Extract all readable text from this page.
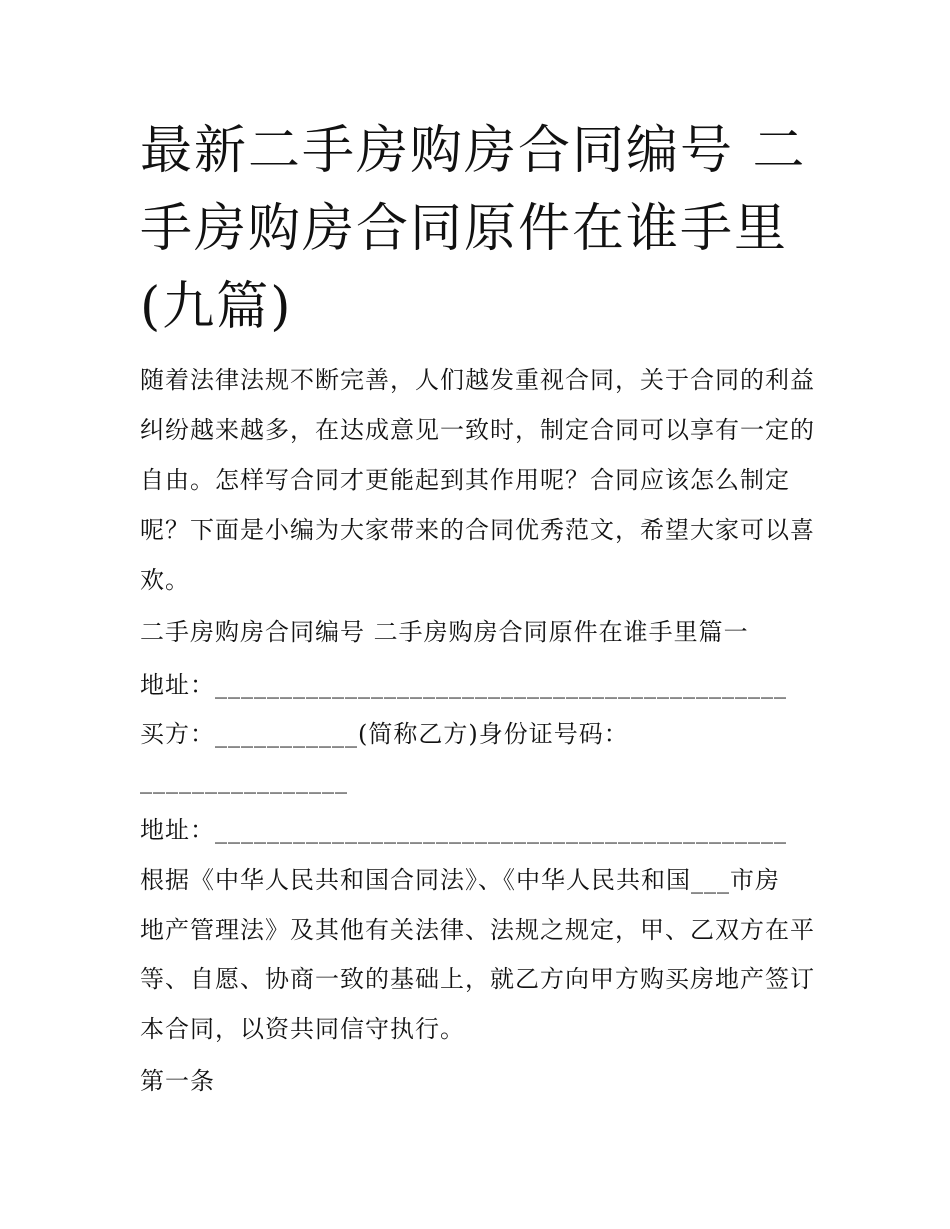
最新二手房购房合同编号 二手房购房合同原件在谁手里(九篇)
随着法律法规不断完善，人们越发重视合同，关于合同的利益
纠纷越来越多，在达成意见一致时，制定合同可以享有一定的
自由。怎样写合同才更能起到其作用呢？合同应该怎么制定
呢？下面是小编为大家带来的合同优秀范文，希望大家可以喜
欢。
二手房购房合同编号 二手房购房合同原件在谁手里篇一
地址：____________________________________________
买方：___________(简称乙方)身份证号码：
________________
地址：____________________________________________
根据《中华人民共和国合同法》、《中华人民共和国___市房
地产管理法》及其他有关法律、法规之规定，甲、乙双方在平
等、自愿、协商一致的基础上，就乙方向甲方购买房地产签订
本合同，以资共同信守执行。
第一条
